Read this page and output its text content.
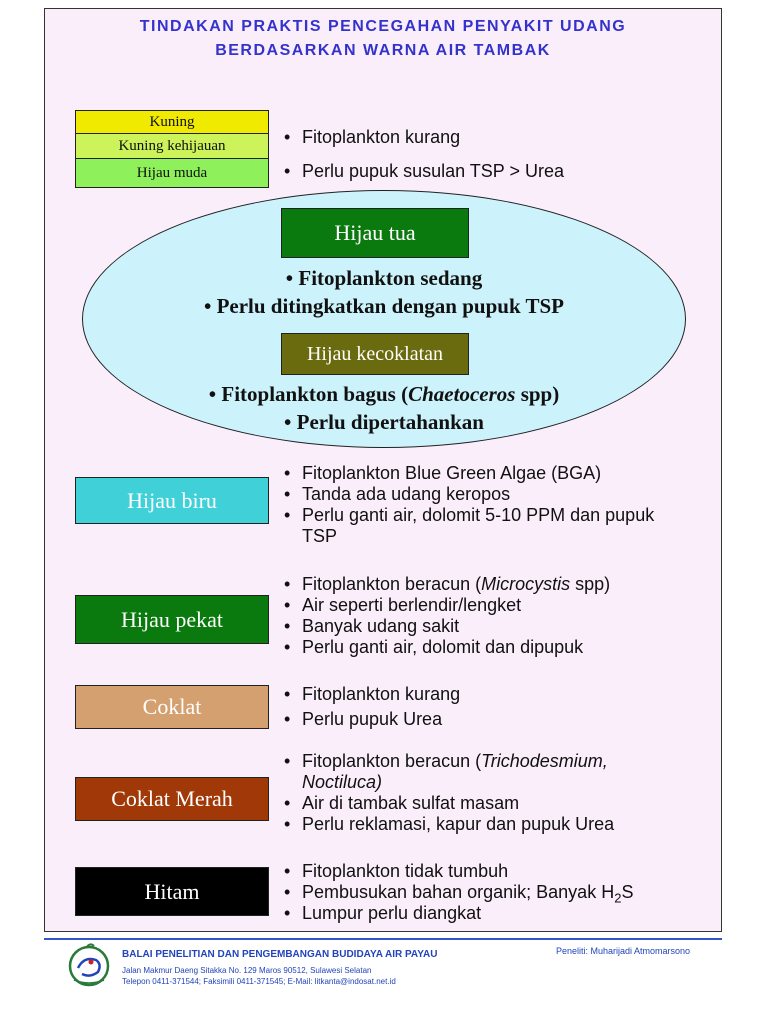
TINDAKAN PRAKTIS PENCEGAHAN PENYAKIT UDANG
BERDASARKAN WARNA AIR TAMBAK
Kuning
Kuning kehijauan
Hijau muda
• Fitoplankton kurang
• Perlu pupuk susulan TSP > Urea
Hijau tua
• Fitoplankton sedang
• Perlu ditingkatkan dengan pupuk TSP
Hijau kecoklatan
• Fitoplankton bagus (Chaetoceros spp)
• Perlu dipertahankan
Hijau biru
• Fitoplankton Blue Green Algae (BGA)
• Tanda ada udang keropos
• Perlu ganti air, dolomit 5-10 PPM dan pupuk TSP
Hijau pekat
• Fitoplankton beracun (Microcystis spp)
• Air seperti berlendir/lengket
• Banyak udang sakit
• Perlu ganti air, dolomit dan dipupuk
Coklat	• Fitoplankton kurang
• Perlu pupuk Urea
Coklat Merah
• Fitoplankton beracun (Trichodesmium, Noctiluca)
• Air di tambak sulfat masam
• Perlu reklamasi, kapur dan pupuk Urea
Hitam
• Fitoplankton tidak tumbuh
• Pembusukan bahan organik; Banyak $H_2S$
• Lumpur perlu diangkat
BALAI PENELITIAN DAN PENGEMBANGAN BUDIDAYA AIR PAYAU
Jalan Makmur Daeng Sitakka No. 129 Maros 90512, Sulawesi Selatan
Telepon 0411-371544; Faksimili 0411-371545; E-Mail: litkanta@indosat.net.id
Peneliti: Muharijadi Atmomarsono
